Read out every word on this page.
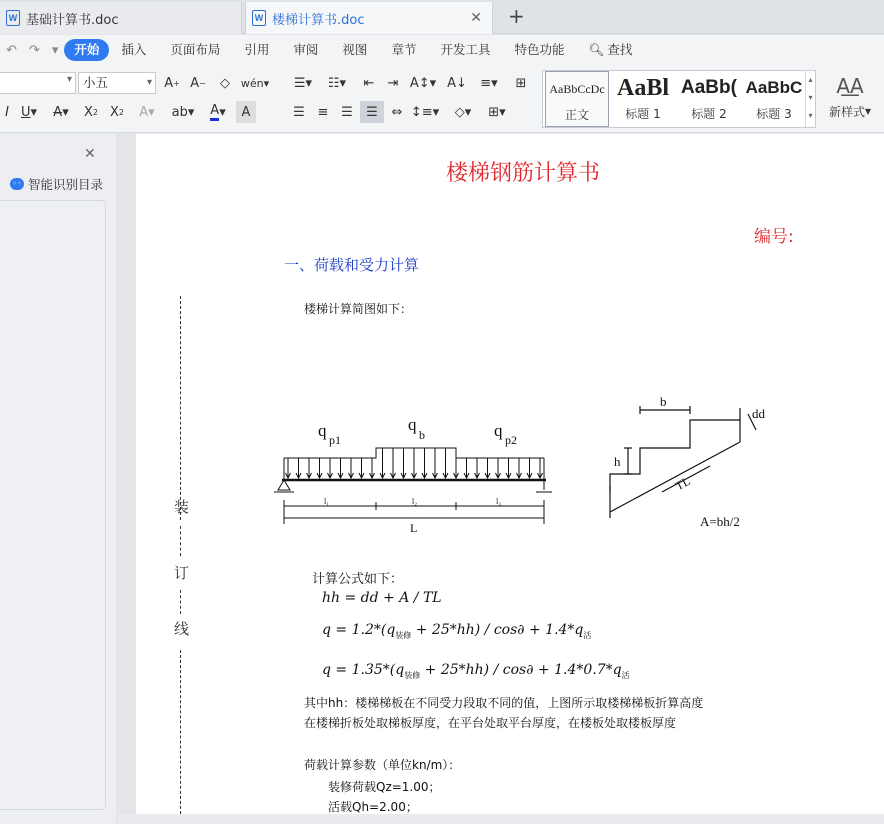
W 基础计算书.doc	W 楼梯计算书.doc	✕ +
↶ ↷ ▾	开始	插入	页面布局	引用	审阅	视图	章节	开发工具	特色功能	🔍︎ 查找
▾
小五 ▾	A + A −	◇ wén▾
I U ▾	A ▾	X 2 X 2	A▾	ab▾ A ▾	A
☰▾	☷▾	⇤	⇥ A↕▾ A↓	≡▾	⊞
☰ ≡ ☰	☰	⇔ ↕≡▾	◇▾	⊞▾
AaBbCcDc
正文
AaBl
标题 1
AaBb(
标题 2
AaBbC
标题 3
▴
▾
▾
A͟A
新样式 ▾
✕
◦◦ 智能识别目录	楼梯钢筋计算书
编号:
一、荷载和受力计算
楼梯计算简图如下：
装
订
线
q p1
q
b	q p2
l₁	l₂	l₃
L
b
h
dd
TL
A=bh/2
计算公式如下：
hh = dd + A / TL
$q = 1.2*(q_{装修} + 25*hh) / \cos\partial + 1.4*q_活$
$q = 1.35*(q_{装修} + 25*hh) / \cos\partial + 1.4*0.7*q_活$
其中hh：楼梯梯板在不同受力段取不同的值，上图所示取楼梯梯板折算高度
在楼梯折板处取梯板厚度，在平台处取平台厚度，在楼板处取楼板厚度
荷载计算参数（单位kn/m）：
装修荷载Qz=1.00；
活载Qh=2.00；
